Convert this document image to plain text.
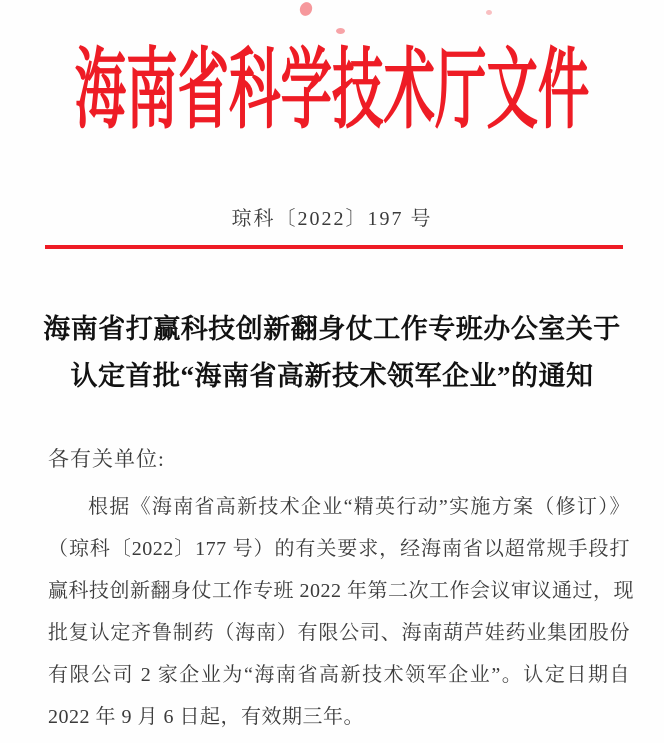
海南省科学技术厅文件
琼科〔2022〕197 号
海南省打赢科技创新翻身仗工作专班办公室关于
认定首批“海南省高新技术领军企业”的通知
各有关单位:
根据《海南省高新技术企业“精英行动”实施方案（修订）》
（琼科〔2022〕177 号）的有关要求，经海南省以超常规手段打
赢科技创新翻身仗工作专班 2022 年第二次工作会议审议通过，现
批复认定齐鲁制药（海南）有限公司、海南葫芦娃药业集团股份
有限公司 2 家企业为“海南省高新技术领军企业”。认定日期自
2022 年 9 月 6 日起，有效期三年。
